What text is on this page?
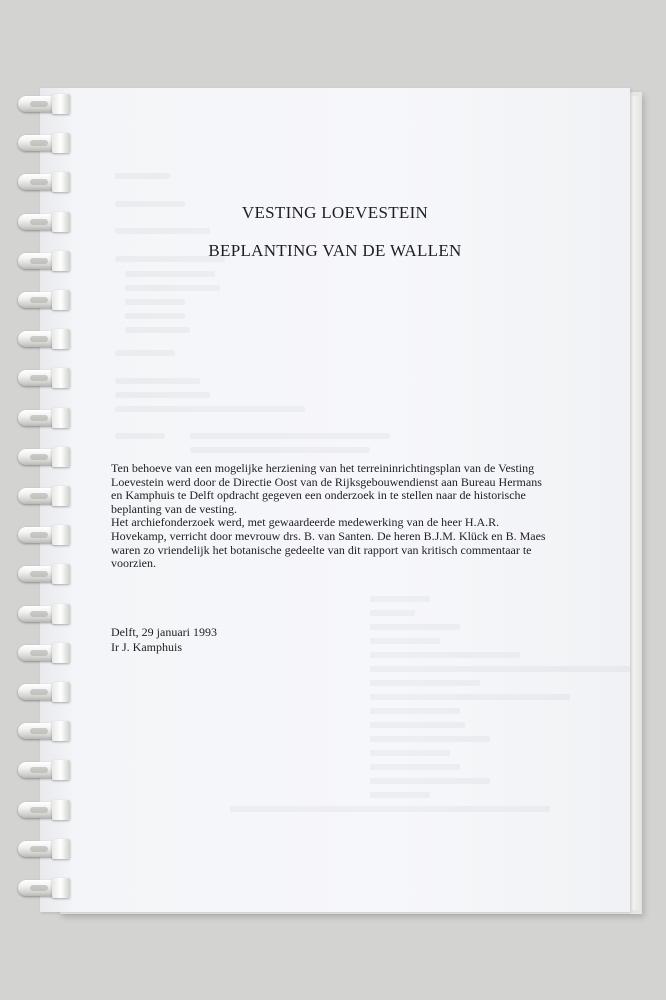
VESTING LOEVESTEIN
BEPLANTING VAN DE WALLEN

Ten behoeve van een mogelijke herziening van het terreininrichtingsplan van de Vesting Loevestein werd door de Directie Oost van de Rijksgebouwendienst aan Bureau Hermans en Kamphuis te Delft opdracht gegeven een onderzoek in te stellen naar de historische beplanting van de vesting.

Het archiefonderzoek werd, met gewaardeerde medewerking van de heer H.A.R. Hovekamp, verricht door mevrouw drs. B. van Santen. De heren B.J.M. Klück en B. Maes waren zo vriendelijk het botanische gedeelte van dit rapport van kritisch commentaar te voorzien.

Delft, 29 januari 1993
Ir J. Kamphuis
